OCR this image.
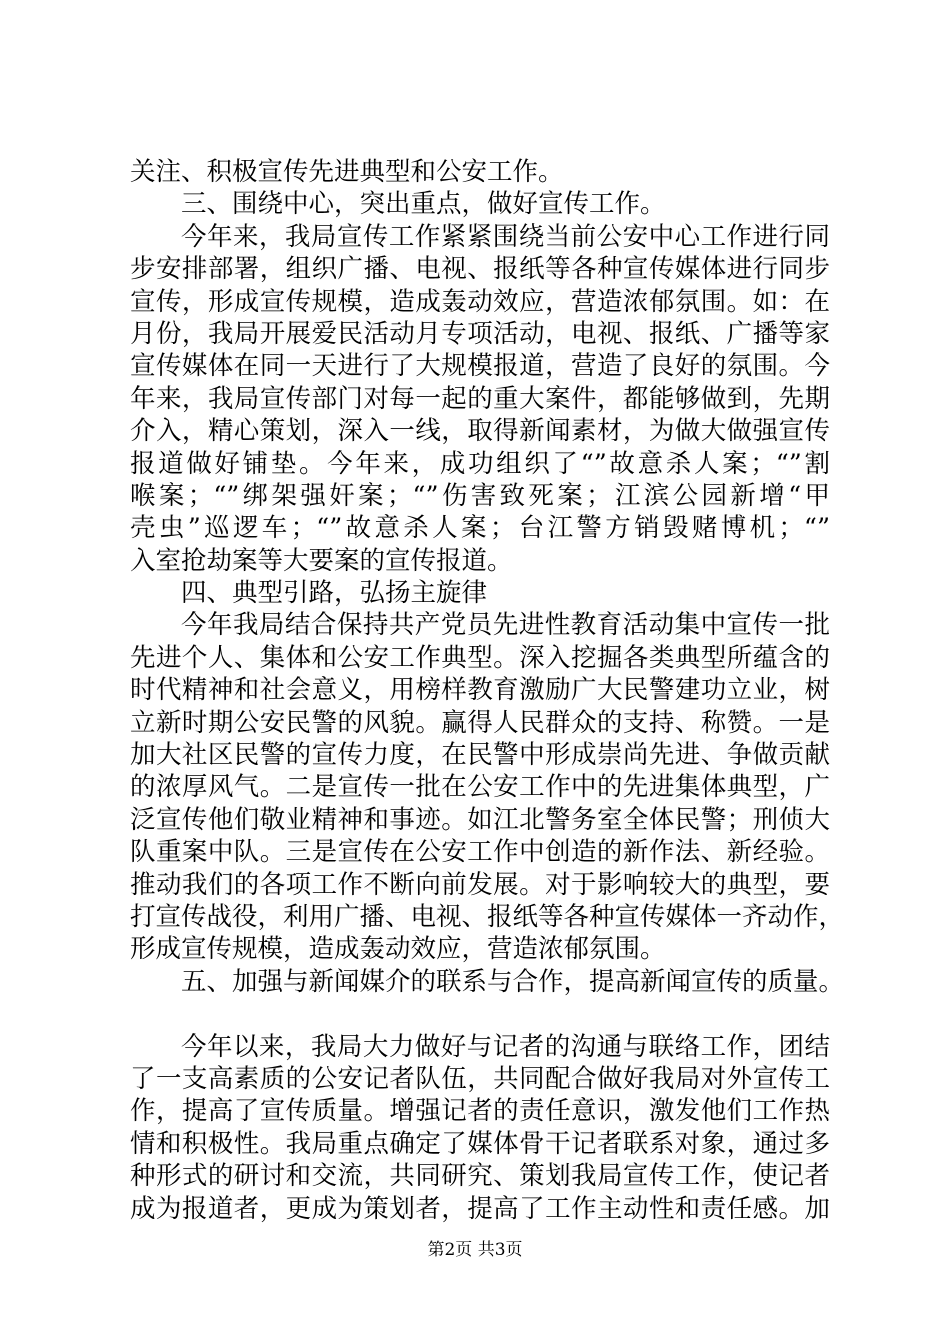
关注、积极宣传先进典型和公安工作。
三、围绕中心，突出重点，做好宣传工作。
今年来，我局宣传工作紧紧围绕当前公安中心工作进行同
步安排部署，组织广播、电视、报纸等各种宣传媒体进行同步
宣传，形成宣传规模，造成轰动效应，营造浓郁氛围。如：在
月份，我局开展爱民活动月专项活动，电视、报纸、广播等家
宣传媒体在同一天进行了大规模报道，营造了良好的氛围。今
年来，我局宣传部门对每一起的重大案件，都能够做到，先期
介入，精心策划，深入一线，取得新闻素材，为做大做强宣传
报道做好铺垫。今年来，成功组织了“”故意杀人案；“”割
喉案；“”绑架强奸案；“”伤害致死案；江滨公园新增“甲
壳虫”巡逻车；“”故意杀人案；台江警方销毁赌博机；“”
入室抢劫案等大要案的宣传报道。
四、典型引路，弘扬主旋律
今年我局结合保持共产党员先进性教育活动集中宣传一批
先进个人、集体和公安工作典型。深入挖掘各类典型所蕴含的
时代精神和社会意义，用榜样教育激励广大民警建功立业，树
立新时期公安民警的风貌。赢得人民群众的支持、称赞。一是
加大社区民警的宣传力度，在民警中形成崇尚先进、争做贡献
的浓厚风气。二是宣传一批在公安工作中的先进集体典型，广
泛宣传他们敬业精神和事迹。如江北警务室全体民警；刑侦大
队重案中队。三是宣传在公安工作中创造的新作法、新经验。
推动我们的各项工作不断向前发展。对于影响较大的典型，要
打宣传战役，利用广播、电视、报纸等各种宣传媒体一齐动作，
形成宣传规模，造成轰动效应，营造浓郁氛围。
五、加强与新闻媒介的联系与合作，提高新闻宣传的质量。
今年以来，我局大力做好与记者的沟通与联络工作，团结
了一支高素质的公安记者队伍，共同配合做好我局对外宣传工
作，提高了宣传质量。增强记者的责任意识，激发他们工作热
情和积极性。我局重点确定了媒体骨干记者联系对象，通过多
种形式的研讨和交流，共同研究、策划我局宣传工作，使记者
成为报道者，更成为策划者，提高了工作主动性和责任感。加
第2页 共3页
